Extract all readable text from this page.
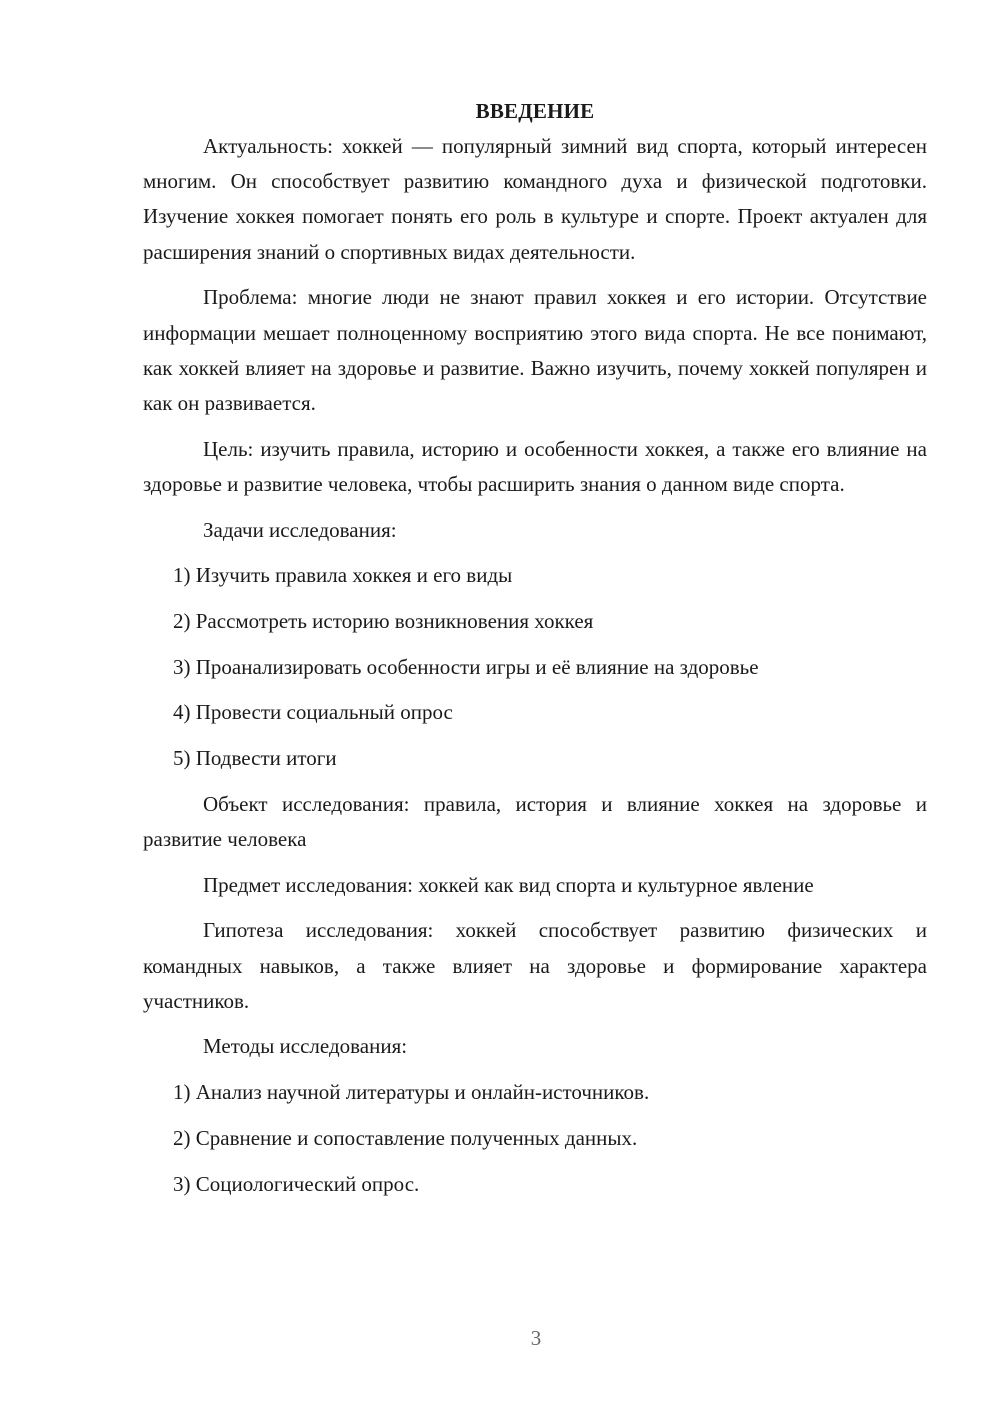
ВВЕДЕНИЕ

Актуальность: хоккей — популярный зимний вид спорта, который интересен многим. Он способствует развитию командного духа и физической подготовки. Изучение хоккея помогает понять его роль в культуре и спорте. Проект актуален для расширения знаний о спортивных видах деятельности.

Проблема: многие люди не знают правил хоккея и его истории. Отсутствие информации мешает полноценному восприятию этого вида спорта. Не все понимают, как хоккей влияет на здоровье и развитие. Важно изучить, почему хоккей популярен и как он развивается.

Цель: изучить правила, историю и особенности хоккея, а также его влияние на здоровье и развитие человека, чтобы расширить знания о данном виде спорта.

Задачи исследования:

1) Изучить правила хоккея и его виды
2) Рассмотреть историю возникновения хоккея
3) Проанализировать особенности игры и её влияние на здоровье
4) Провести социальный опрос
5) Подвести итоги

Объект исследования: правила, история и влияние хоккея на здоровье и развитие человека

Предмет исследования: хоккей как вид спорта и культурное явление

Гипотеза исследования: хоккей способствует развитию физических и командных навыков, а также влияет на здоровье и формирование характера участников.

Методы исследования:

1) Анализ научной литературы и онлайн-источников.
2) Сравнение и сопоставление полученных данных.
3) Социологический опрос.
3
